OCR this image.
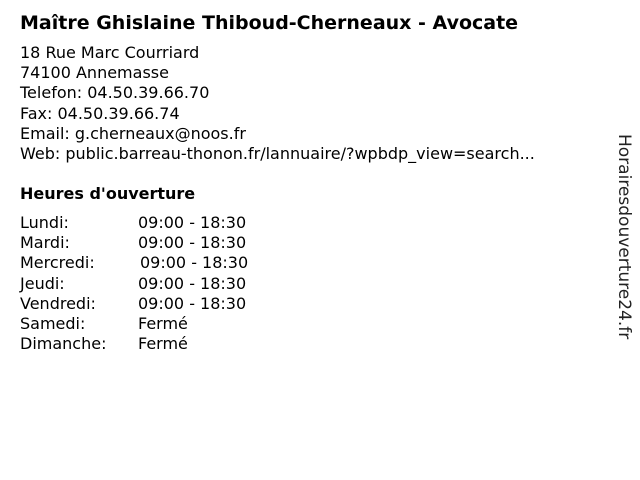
Maître Ghislaine Thiboud-Cherneaux - Avocate
18 Rue Marc Courriard
74100 Annemasse
Telefon: 04.50.39.66.70
Fax: 04.50.39.66.74
Email: g.cherneaux@noos.fr
Web: public.barreau-thonon.fr/lannuaire/?wpbdp_view=search...
Heures d'ouverture
Lundi:	09:00 - 18:30
Mardi:	09:00 - 18:30
Mercredi:	09:00 - 18:30
Jeudi:	09:00 - 18:30
Vendredi:	09:00 - 18:30
Samedi:	Fermé
Dimanche: Fermé
Horairesdouverture24.fr
